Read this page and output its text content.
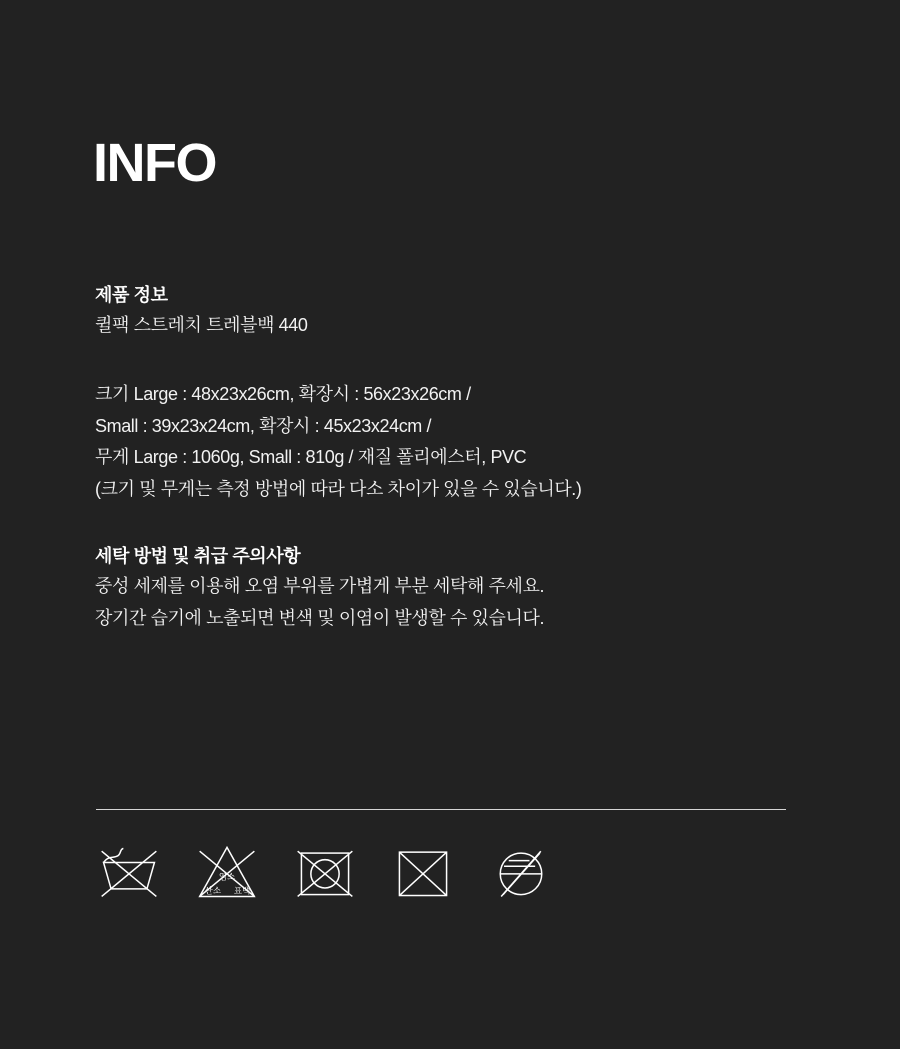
INFO

제품 정보

퀼팩 스트레치 트레블백 440

크기 Large : 48x23x26cm, 확장시 : 56x23x26cm /

Small : 39x23x24cm, 확장시 : 45x23x24cm /

무게 Large : 1060g, Small : 810g / 재질 폴리에스터, PVC

(크기 및 무게는 측정 방법에 따라 다소 차이가 있을 수 있습니다.)

세탁 방법 및 취급 주의사항

중성 세제를 이용해 오염 부위를 가볍게 부분 세탁해 주세요.

장기간 습기에 노출되면 변색 및 이염이 발생할 수 있습니다.

염소
산소 표백
